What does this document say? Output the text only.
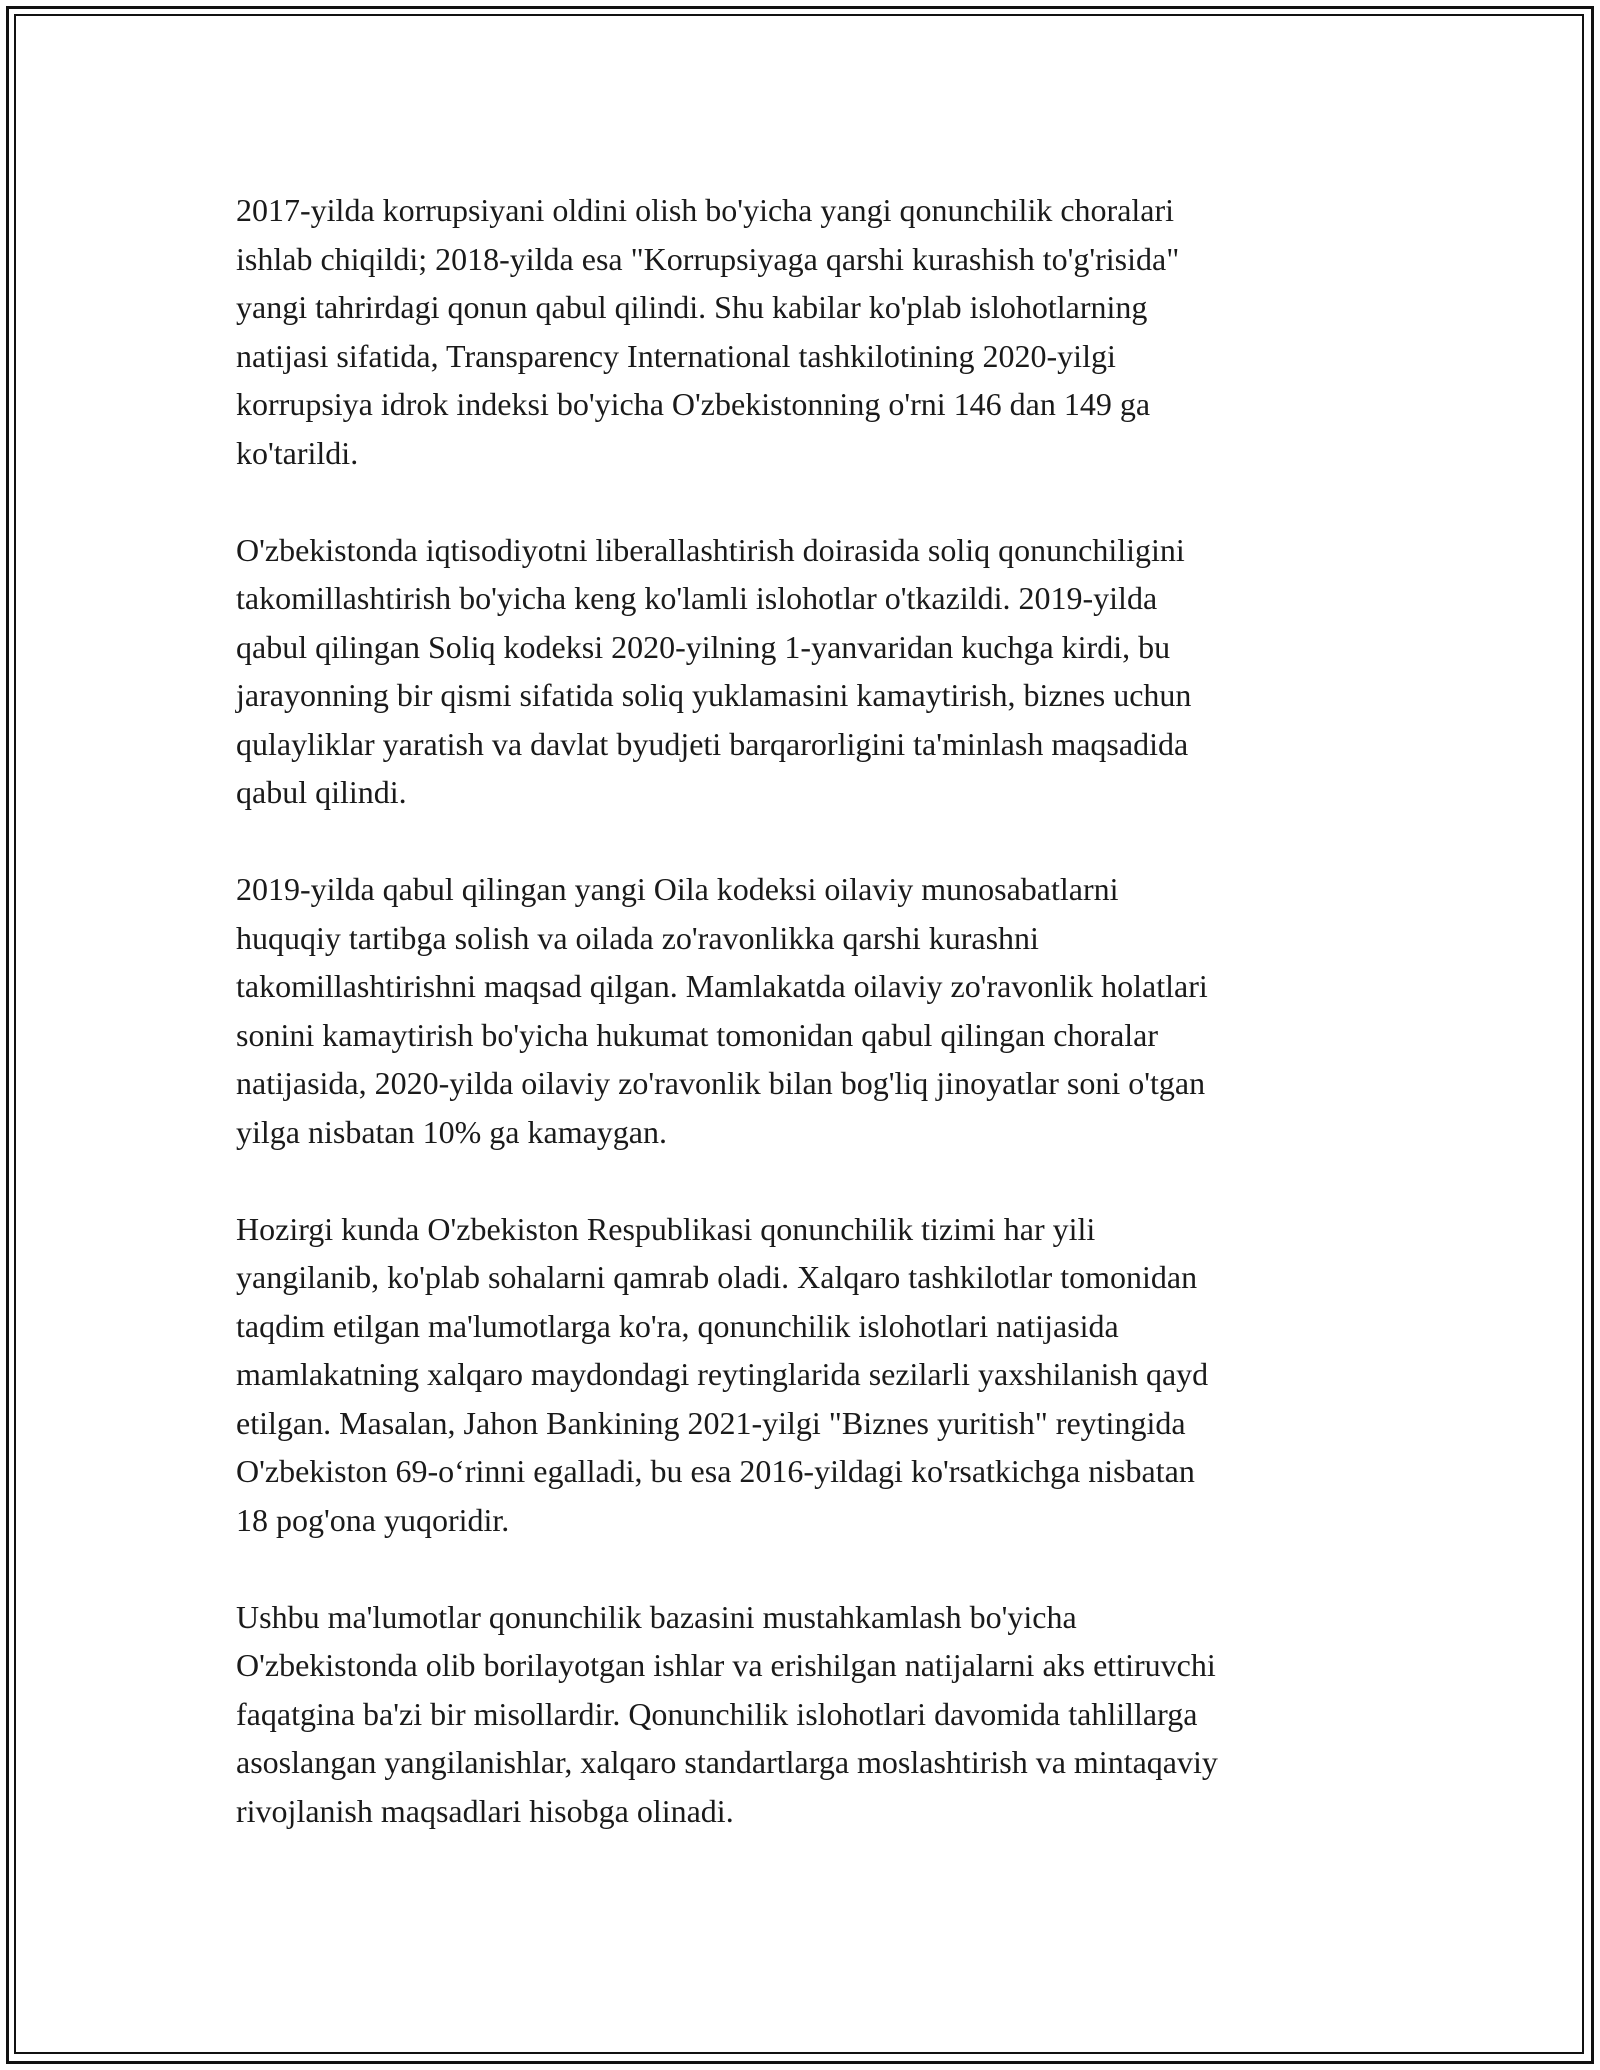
2017-yilda korrupsiyani oldini olish bo'yicha yangi qonunchilik choralari
ishlab chiqildi; 2018-yilda esa "Korrupsiyaga qarshi kurashish to'g'risida"
yangi tahrirdagi qonun qabul qilindi. Shu kabilar ko'plab islohotlarning
natijasi sifatida, Transparency International tashkilotining 2020-yilgi
korrupsiya idrok indeksi bo'yicha O'zbekistonning o'rni 146 dan 149 ga
ko'tarildi.

O'zbekistonda iqtisodiyotni liberallashtirish doirasida soliq qonunchiligini
takomillashtirish bo'yicha keng ko'lamli islohotlar o'tkazildi. 2019-yilda
qabul qilingan Soliq kodeksi 2020-yilning 1-yanvaridan kuchga kirdi, bu
jarayonning bir qismi sifatida soliq yuklamasini kamaytirish, biznes uchun
qulayliklar yaratish va davlat byudjeti barqarorligini ta'minlash maqsadida
qabul qilindi.

2019-yilda qabul qilingan yangi Oila kodeksi oilaviy munosabatlarni
huquqiy tartibga solish va oilada zo'ravonlikka qarshi kurashni
takomillashtirishni maqsad qilgan. Mamlakatda oilaviy zo'ravonlik holatlari
sonini kamaytirish bo'yicha hukumat tomonidan qabul qilingan choralar
natijasida, 2020-yilda oilaviy zo'ravonlik bilan bog'liq jinoyatlar soni o'tgan
yilga nisbatan 10% ga kamaygan.

Hozirgi kunda O'zbekiston Respublikasi qonunchilik tizimi har yili
yangilanib, ko'plab sohalarni qamrab oladi. Xalqaro tashkilotlar tomonidan
taqdim etilgan ma'lumotlarga ko'ra, qonunchilik islohotlari natijasida
mamlakatning xalqaro maydondagi reytinglarida sezilarli yaxshilanish qayd
etilgan. Masalan, Jahon Bankining 2021-yilgi "Biznes yuritish" reytingida
O'zbekiston 69-o‘rinni egalladi, bu esa 2016-yildagi ko'rsatkichga nisbatan
18 pog'ona yuqoridir.

Ushbu ma'lumotlar qonunchilik bazasini mustahkamlash bo'yicha
O'zbekistonda olib borilayotgan ishlar va erishilgan natijalarni aks ettiruvchi
faqatgina ba'zi bir misollardir. Qonunchilik islohotlari davomida tahlillarga
asoslangan yangilanishlar, xalqaro standartlarga moslashtirish va mintaqaviy
rivojlanish maqsadlari hisobga olinadi.
